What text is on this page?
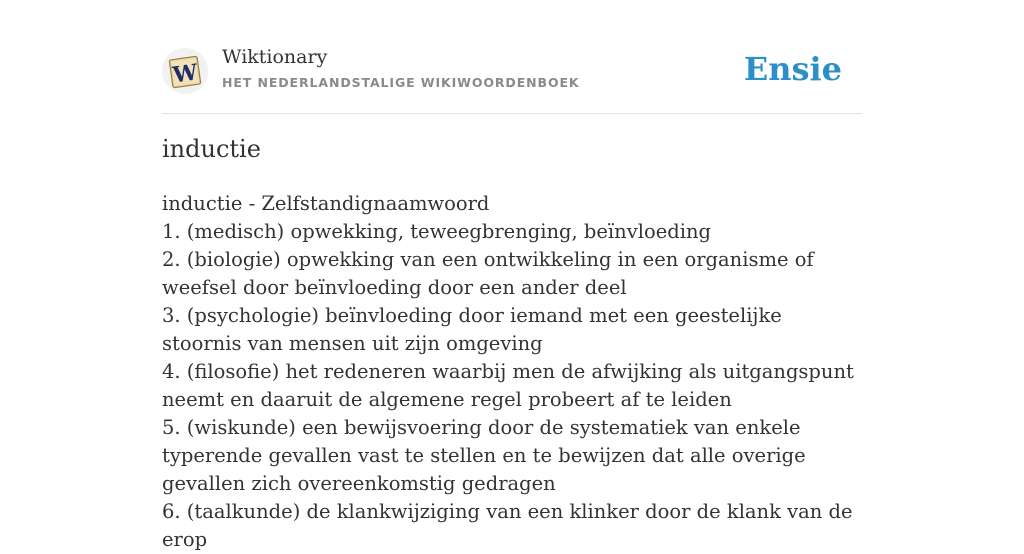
W
Wiktionary
HET NEDERLANDSTALIGE WIKIWOORDENBOEK	Ensie
inductie
inductie - Zelfstandignaamwoord
1. (medisch) opwekking, teweegbrenging, beïnvloeding
2. (biologie) opwekking van een ontwikkeling in een organisme of weefsel door beïnvloeding door een ander deel
3. (psychologie) beïnvloeding door iemand met een geestelijke stoornis van mensen uit zijn omgeving
4. (filosofie) het redeneren waarbij men de afwijking als uitgangspunt neemt en daaruit de algemene regel probeert af te leiden
5. (wiskunde) een bewijsvoering door de systematiek van enkele typerende gevallen vast te stellen en te bewijzen dat alle overige gevallen zich overeenkomstig gedragen
6. (taalkunde) de klankwijziging van een klinker door de klank van de erop
